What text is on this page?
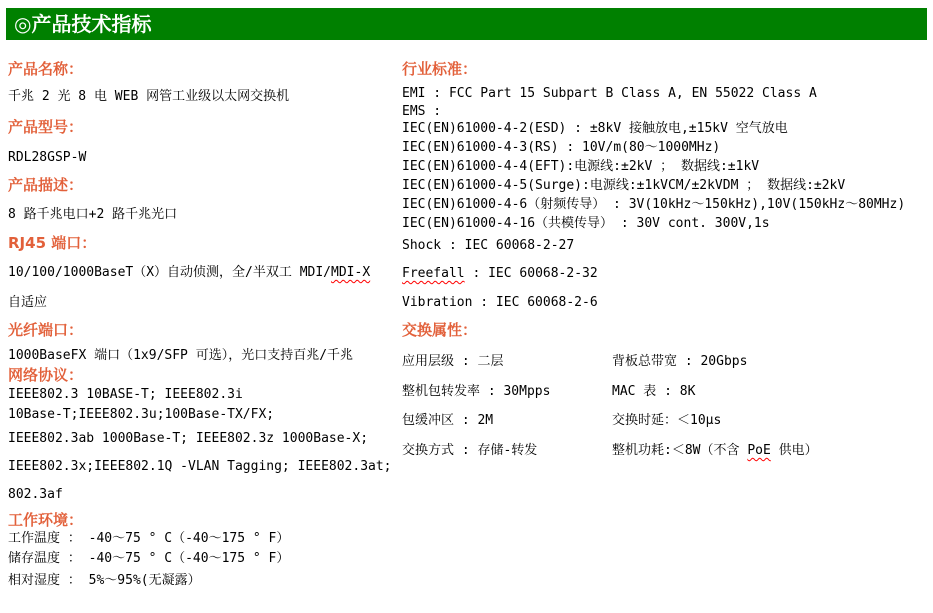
◎产品技术指标
产品名称：

千兆 2 光 8 电 WEB 网管工业级以太网交换机

产品型号：

RDL28GSP-W

产品描述：

8 路千兆电口+2 路千兆光口

RJ45 端口：

10/100/1000BaseT（X）自动侦测，全/半双工 MDI/MDI-X

自适应

光纤端口：

1000BaseFX 端口（1x9/SFP 可选），光口支持百兆/千兆

网络协议：

IEEE802.3 10BASE-T; IEEE802.3i

10Base-T;IEEE802.3u;100Base-TX/FX;

IEEE802.3ab 1000Base-T; IEEE802.3z 1000Base-X;

IEEE802.3x;IEEE802.1Q -VLAN Tagging; IEEE802.3at;

802.3af

工作环境：

工作温度 ： -40～75 ° C（-40～175 ° F）

储存温度 ： -40～75 ° C（-40～175 ° F）

相对湿度 ： 5%～95%(无凝露）

行业标准：

EMI : FCC Part 15 Subpart B Class A, EN 55022 Class A

EMS :

IEC(EN)61000-4-2(ESD) : ±8kV 接触放电,±15kV 空气放电

IEC(EN)61000-4-3(RS) : 10V/m(80～1000MHz)

IEC(EN)61000-4-4(EFT):电源线:±2kV ； 数据线:±1kV

IEC(EN)61000-4-5(Surge):电源线:±1kVCM/±2kVDM ； 数据线:±2kV

IEC(EN)61000-4-6（射频传导） : 3V(10kHz～150kHz),10V(150kHz～80MHz)

IEC(EN)61000-4-16（共模传导） : 30V cont. 300V,1s

Shock : IEC 60068-2-27

Freefall : IEC 60068-2-32

Vibration : IEC 60068-2-6

交换属性：

应用层级 : 二层	背板总带宽 : 20Gbps

整机包转发率 : 30Mpps	MAC 表 : 8K

包缓冲区 : 2M	交换时延：＜10μs

交换方式 : 存储-转发	整机功耗:＜8W（不含 PoE 供电）
